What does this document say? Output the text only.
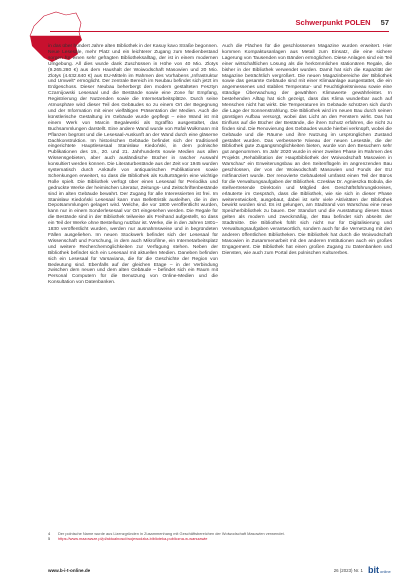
Schwerpunkt POLEN 57

in das über hundert Jahre alten Bibliothek in der Kasuy kavo Straße begonnen. Neue Lesesäle, mehr Platz und ein leichterer Zugang zum Medienbestand sorgen für einen sehr gefragten Bibliotheksalltag, der ist in einem modernen Umgebung. All dies wurde dank Zuschüssen in Höhe von 40 Mio. Zlotys (9.265.280 €) aus dem Haushalt der Woiwodschaft Masowien und 20 Mio. Zlotys (4.632.640 €) aus EU-Mitteln im Rahmen des Vorhabens „Infrastruktur und Umwelt“ ermöglicht. Der zentrale Bereich im Neubau befindet sich jetzt im Erdgeschoss. Dieser Neubau beherbergt den modern gestalteten Fesztyn Czarnijowski Lesesaal und die Bestände sowie eine Zone für Empfang, Registrierung der Nutzenden sowie die Internetarbeitsplätze. Durch seine Atmosphäre wird dieser Teil des Gebäudes so zu einem Ort der Begegnung und der Information mit einer vielfältigen Präsentation der Medien. Auch die künstlerische Gestaltung im Gebäude wurde gepflegt – eine Wand ist mit einem Werk von Marcin Begalewski als Sgraffito ausgestaltet, das Buchsammlungen darstellt. Eine andere Wand wurde von Rafał Wołkmann mit Pflanzen begrünt und die Lesesaal-Auskunft an der Wand durch eine gläserne Dachkonstruktion. Im historischen Gebäude befindet sich der traditionell eingerichtete Hauptlesesaal Stanisław Kiedoński, in dem polnische Publikationen des 19., 20. und 21. Jahrhunderts sowie Medien aus allen Wissensgebieten, aber auch ausländische Bücher in rascher Auswahl konsultiert werden können. Die Literaturbestände aus der Zeit vor 1945 wurden systematisch durch Ankäufe von antiquarischen Publikationen sowie Schenkungen erweitert, so dass die Bibliothek als Kulturträgerin eine wichtige Rolle spielt. Die Bibliothek verfügt über einen Lesesaal für Periodika und gedruckte Werke der heimischen Literatur, Zeitungs- und Zeitschriftenbestände sind im alten Gebäude bewahrt. Der Zugang für alle Interessierten ist frei. Im Stanisław Kiedoński Lesesaal kann man Bellettristik ausleihen, die in den Depotsammlungen gelagert wird. Welche, die vor 1800 veröffentlicht wurden, kann nur in einem Sonderlesesaal vor Ort eingesehen werden. Die Regale für die Bestände sind in der Bibliothek teilweise als Freihand aufgestellt, so dass ein Teil der Werke ohne Bestellung nutzbar ist. Werke, die in den Jahren 1801–1830 veröffentlicht wurden, werden nur ausnahmsweise und in begründeten Fällen ausgeliehen. Im neuen Stockwerk befindet sich der Lesesaal für Wissenschaft und Forschung, in dem auch Mikrofilme, ein Internetarbeitsplatz und weitere Recherchemöglichkeiten zur Verfügung stehen. Neben der Bibliothek befindet sich ein Lesesaal mit aktuellen Medien. Daneben befinden sich ein Lesesaal für Varsaviana, die für die Geschichte der Region von Bedeutung sind. Ebenfalls auf der gleichen Etage – in der Verbindung zwischen dem neuen und dem alten Gebäude – befindet sich ein Raum mit Personal Computern für die Benutzung von Online-Medien und die Konsultation von Datenbanken.

Auch die Flächen für die geschlossenen Magazine wurden erweitert. Hier kommen Kompaktusanlagen aus Metall zum Einsatz, die eine sichere Lagerung von Tausenden von Bänden ermöglichen. Diese Anlagen sind ein Teil einer wirtschaftlichen Lösung als die herkömmlichen stationären Regale, die bisher in der Bibliothek verwendet wurden. Damit hat sich die Kapazität der Magazine beträchtlich vergrößert. Die neuen Magazinbereiche der Bibliothek sowie das gesamte Gebäude sind mit einer Klimaanlage ausgestattet, die ein angemessenes und stabiles Temperatur- und Feuchtigkeitsniveau sowie eine ständige Überwachung der gewählten Klimawerte gewährleistet. In bestehenden Alltag hat sich gezeigt, dass das Klima wunderbar auch auf Menschen nicht hat wirkt. Die Temperaturen im Gebäude schützen sich durch die Lage der Sonnenstrahlung. Die Bibliothek wird im neuen Bau durch seinen günstigen Aufbau versorgt, wobei das Licht an den Fenstern wirkt. Das hat Einfluss auf die Bücher der Bestände, die ihren Schutz erfahren, die nicht zu finden sind. Die Renovierung des Gebäudes wurde hierbei verknüpft, wobei die Gebäude und die Räume und ihre Nutzung im ursprünglichen Zustand gestaltet wurden. Das verbesserte Niveau der neuen Lesesäle, die der Bibliothek gute Zugangsmöglichkeiten bieten, wurde von den Besuchern sehr gut angenommen. Im Jahr 2020 wurde in einer zweiten Phase im Rahmen des Projekts „Rehabilitation der Hauptbibliothek der Woiwodschaft Masowien in Warschau“ ein Erweiterungsbau an den Seitenflügeln im angrenzenden Bau geschlossen, der von der Woiwodschaft Masowien und Fonds der EU mitfinanziert wurde. Der renovierte Gebäudeteil umfasst einen Teil der Büros für die Verwaltungsaufgaben der Bibliothek. Czesław Dr. Agnieszka Bobula, die stellvertretende Direktorin und Mitglied des Geschäftsführungskreises, erläuterte im Gespräch, dass die Bibliothek, wie sie sich in dieser Phase weiterentwickelt, ausgebaut, dabei ist sehr viele Aktivitäten der Bibliothek bewirkt worden sind. Es ist gelungen, am Stadtrand von Warschau eine neue Speicherbibliothek zu bauen. Der Standort und die Ausstattung dieses Baus gelten als modern und zweckmäßig, der Bau befindet sich abseits der Stadtmitte. Die Bibliothek fühlt sich nicht nur für Digitalisierung und Verwaltungsaufgaben verantwortlich, sondern auch für die Vernetzung mit den anderen öffentlichen Bibliotheken. Die Bibliothek hat durch die Woiwodschaft Masowien in Zusammenarbeit mit den anderen Institutionen auch ein großes Engagement. Die Bibliothek hat einen großen Zugang zu Datenbanken und Diensten, wie auch zum Portal des polnischen Kulturerbes.

4	Der polnische Name wurde aus Lizenzgründen in Zusammenhang mit Geschäftsbereichen der Woiwodschaft Masowien verwendet.
5	https://www.mazowsze.pl/pl/aktualnosci/wojewodzka-biblioteka-publiczna-w-warszawie
www.b-i-t-online.de	26 (2023) Nr. 1 bit online
